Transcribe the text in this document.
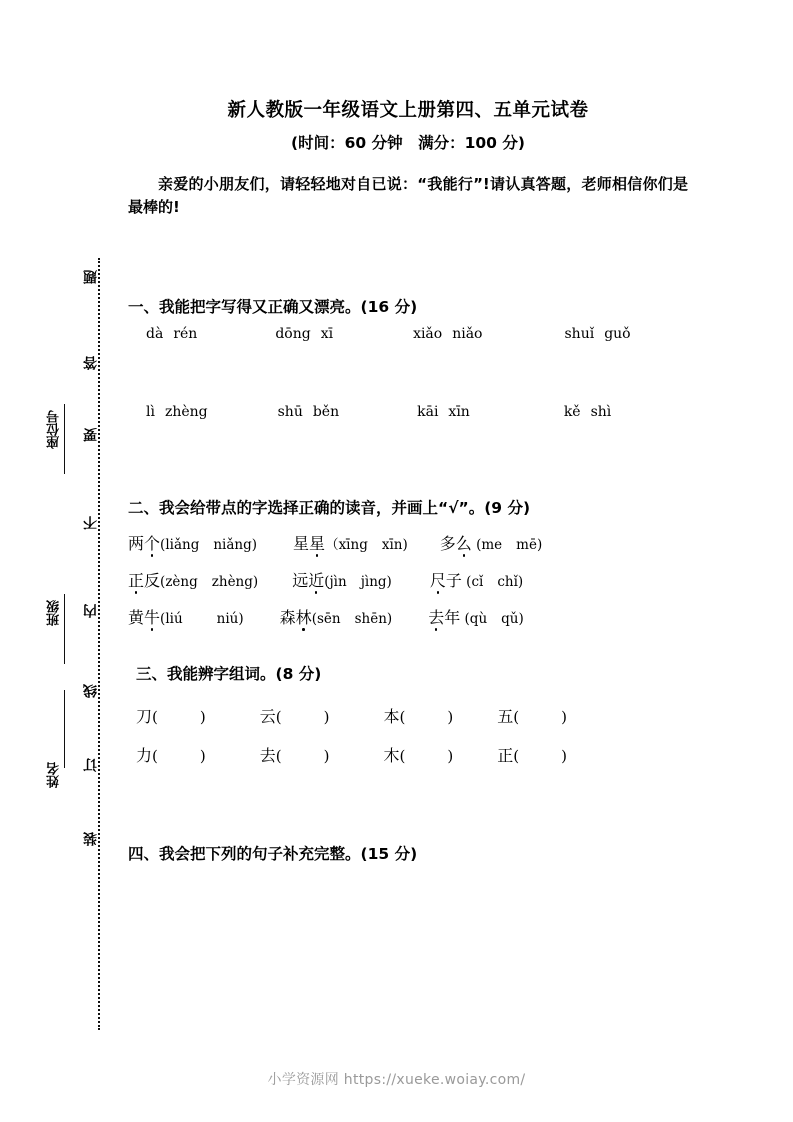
题
答
要
不
内
线
订
装
座位号
班级
姓名
新人教版一年级语文上册第四、五单元试卷
(时间：60 分钟　满分：100 分)
亲爱的小朋友们，请轻轻地对自已说：“我能行”!请认真答题，老师相信你们是最棒的!
一、我能把字写得又正确又漂亮。(16 分)
dà rén	dōng xī	xiǎo niǎo	shuǐ guǒ
lì zhèng	shū běn	kāi xīn	kě shì
二、我会给带点的字选择正确的读音，并画上“√”。(9 分)
两个(liǎng niǎng) 星星（xīng xīn) 多么 (me mē)
正反(zèng zhèng) 远近(jìn jìng) 尺子 (cǐ chǐ)
黄牛(liú	niú) 森林(sēn shēn) 去年 (qù qǔ)
三、我能辨字组词。(8 分)
刀(	)	云(	)	本(	)	五(	)
力(	)	去(	)	木(	)	正(	)
四、我会把下列的句子补充完整。(15 分)
小学资源网 https://xueke.woiay.com/
